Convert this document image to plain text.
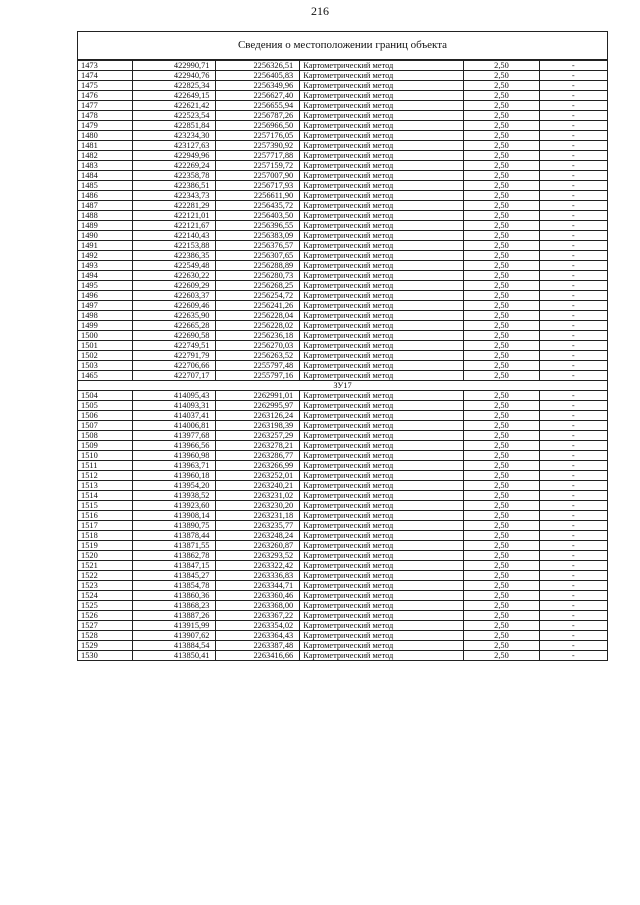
216
Сведения о местоположении границ объекта					
1473	422990,71	2256326,51	Картометрический метод	2,50	-
1474	422940,76	2256405,83	Картометрический метод	2,50	-
1475	422825,34	2256349,96	Картометрический метод	2,50	-
1476	422649,15	2256627,40	Картометрический метод	2,50	-
1477	422621,42	2256655,94	Картометрический метод	2,50	-
1478	422523,54	2256787,26	Картометрический метод	2,50	-
1479	422851,84	2256966,50	Картометрический метод	2,50	-
1480	423234,30	2257176,05	Картометрический метод	2,50	-
1481	423127,63	2257390,92	Картометрический метод	2,50	-
1482	422949,96	2257717,88	Картометрический метод	2,50	-
1483	422269,24	2257159,72	Картометрический метод	2,50	-
1484	422358,78	2257007,90	Картометрический метод	2,50	-
1485	422386,51	2256717,93	Картометрический метод	2,50	-
1486	422343,73	2256611,90	Картометрический метод	2,50	-
1487	422281,29	2256435,72	Картометрический метод	2,50	-
1488	422121,01	2256403,50	Картометрический метод	2,50	-
1489	422121,67	2256396,55	Картометрический метод	2,50	-
1490	422140,43	2256383,09	Картометрический метод	2,50	-
1491	422153,88	2256376,57	Картометрический метод	2,50	-
1492	422386,35	2256307,65	Картометрический метод	2,50	-
1493	422549,48	2256288,89	Картометрический метод	2,50	-
1494	422630,22	2256280,73	Картометрический метод	2,50	-
1495	422609,29	2256268,25	Картометрический метод	2,50	-
1496	422603,37	2256254,72	Картометрический метод	2,50	-
1497	422609,46	2256241,26	Картометрический метод	2,50	-
1498	422635,90	2256228,04	Картометрический метод	2,50	-
1499	422665,28	2256228,02	Картометрический метод	2,50	-
1500	422690,58	2256236,18	Картометрический метод	2,50	-
1501	422749,51	2256270,03	Картометрический метод	2,50	-
1502	422791,79	2256263,52	Картометрический метод	2,50	-
1503	422706,66	2255797,48	Картометрический метод	2,50	-
1465	422707,17	2255797,16	Картометрический метод	2,50	-
ЗУ17					
1504	414095,43	2262991,01	Картометрический метод	2,50	-
1505	414093,31	2262995,97	Картометрический метод	2,50	-
1506	414037,41	2263126,24	Картометрический метод	2,50	-
1507	414006,81	2263198,39	Картометрический метод	2,50	-
1508	413977,68	2263257,29	Картометрический метод	2,50	-
1509	413966,56	2263278,21	Картометрический метод	2,50	-
1510	413960,98	2263286,77	Картометрический метод	2,50	-
1511	413963,71	2263266,99	Картометрический метод	2,50	-
1512	413960,18	2263252,01	Картометрический метод	2,50	-
1513	413954,20	2263240,21	Картометрический метод	2,50	-
1514	413938,52	2263231,02	Картометрический метод	2,50	-
1515	413923,60	2263230,20	Картометрический метод	2,50	-
1516	413908,14	2263231,18	Картометрический метод	2,50	-
1517	413890,75	2263235,77	Картометрический метод	2,50	-
1518	413878,44	2263248,24	Картометрический метод	2,50	-
1519	413871,55	2263260,87	Картометрический метод	2,50	-
1520	413862,78	2263293,52	Картометрический метод	2,50	-
1521	413847,15	2263322,42	Картометрический метод	2,50	-
1522	413845,27	2263336,83	Картометрический метод	2,50	-
1523	413854,78	2263344,71	Картометрический метод	2,50	-
1524	413860,36	2263360,46	Картометрический метод	2,50	-
1525	413868,23	2263368,00	Картометрический метод	2,50	-
1526	413887,26	2263367,22	Картометрический метод	2,50	-
1527	413915,99	2263354,02	Картометрический метод	2,50	-
1528	413907,62	2263364,43	Картометрический метод	2,50	-
1529	413884,54	2263387,48	Картометрический метод	2,50	-
1530	413850,41	2263416,66	Картометрический метод	2,50	-
